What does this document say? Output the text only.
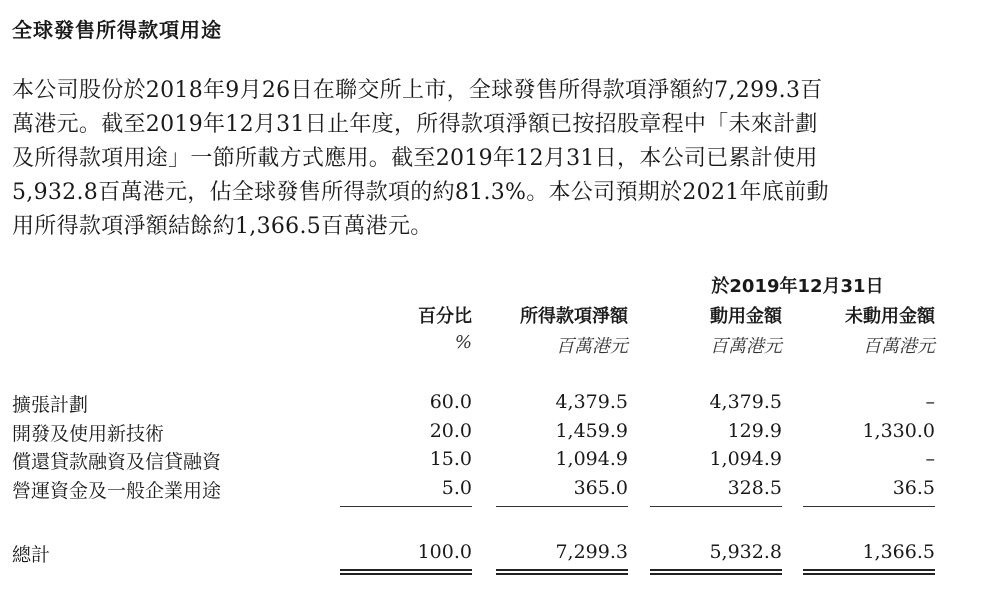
全球發售所得款項用途
本公司股份於2018年9月26日在聯交所上市，全球發售所得款項淨額約7,299.3百
萬港元。截至2019年12月31日止年度，所得款項淨額已按招股章程中「未來計劃
及所得款項用途」一節所載方式應用。截至2019年12月31日，本公司已累計使用
5,932.8百萬港元，佔全球發售所得款項的約81.3%。本公司預期於2021年底前動
用所得款項淨額結餘約1,366.5百萬港元。
於2019年12月31日
百分比	所得款項淨額	動用金額	未動用金額
%	百萬港元	百萬港元	百萬港元
擴張計劃	60.0	4,379.5	4,379.5	–
開發及使用新技術	20.0	1,459.9	129.9	1,330.0
償還貸款融資及信貸融資	15.0	1,094.9	1,094.9	–
營運資金及一般企業用途	5.0	365.0	328.5	36.5
總計	100.0	7,299.3	5,932.8	1,366.5
